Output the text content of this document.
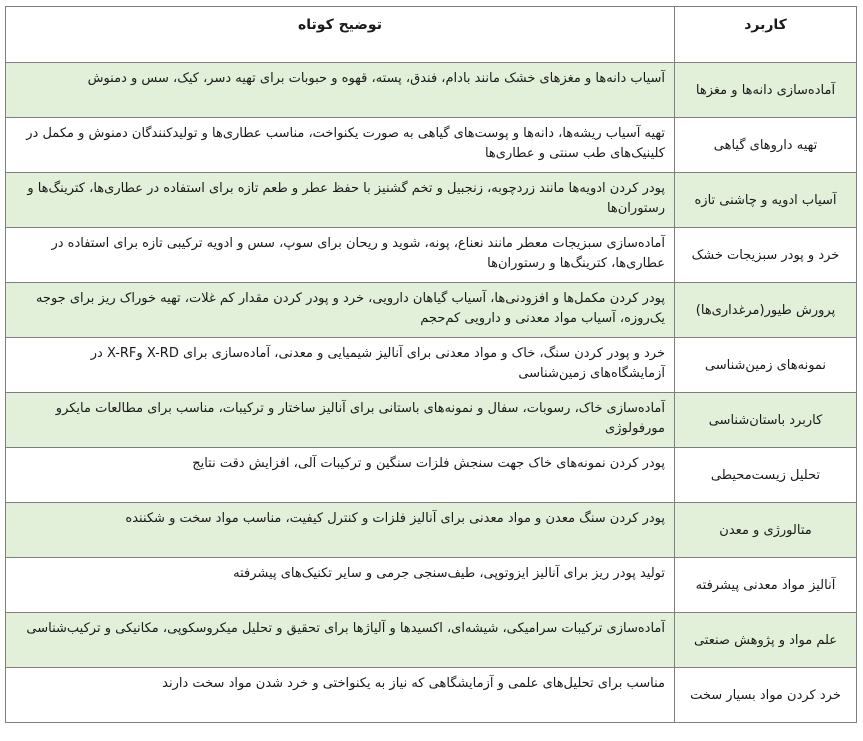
کاربرد	توضیح کوتاه
آماده‌سازی دانه‌ها و مغزها	آسیاب دانه‌ها و مغزهای خشک مانند بادام، فندق، پسته، قهوه و حبوبات برای تهیه دسر، کیک، سس و دمنوش
تهیه داروهای گیاهی	تهیه آسیاب ریشه‌ها، دانه‌ها و پوست‌های گیاهی به صورت یکنواخت، مناسب عطاری‌ها و تولیدکنندگان دمنوش و مکمل در کلینیک‌های طب سنتی و عطاری‌ها
آسیاب ادویه و چاشنی تازه	پودر کردن ادویه‌ها مانند زردچوبه، زنجبیل و تخم گشنیز با حفظ عطر و طعم تازه برای استفاده در عطاری‌ها، کترینگ‌ها و رستوران‌ها
خرد و پودر سبزیجات خشک	آماده‌سازی سبزیجات معطر مانند نعناع، پونه، شوید و ریحان برای سوپ، سس و ادویه ترکیبی تازه برای استفاده در عطاری‌ها، کترینگ‌ها و رستوران‌ها
پرورش طیور(مرغداری‌ها)	پودر کردن مکمل‌ها و افزودنی‌ها، آسیاب گیاهان دارویی، خرد و پودر کردن مقدار کم غلات، تهیه خوراک ریز برای جوجه یک‌روزه، آسیاب مواد معدنی و دارویی کم‌حجم
نمونه‌های زمین‌شناسی	خرد و پودر کردن سنگ، خاک و مواد معدنی برای آنالیز شیمیایی و معدنی، آماده‌سازی برای X-RD وX-RF در آزمایشگاه‌های زمین‌شناسی
کاربرد باستان‌شناسی	آماده‌سازی خاک، رسوبات، سفال و نمونه‌های باستانی برای آنالیز ساختار و ترکیبات، مناسب برای مطالعات مایکرو مورفولوژی
تحلیل زیست‌محیطی	پودر کردن نمونه‌های خاک جهت سنجش فلزات سنگین و ترکیبات آلی، افزایش دقت نتایج
متالورژی و معدن	پودر کردن سنگ معدن و مواد معدنی برای آنالیز فلزات و کنترل کیفیت، مناسب مواد سخت و شکننده
آنالیز مواد معدنی پیشرفته	تولید پودر ریز برای آنالیز ایزوتوپی، طیف‌سنجی جرمی و سایر تکنیک‌های پیشرفته
علم مواد و پژوهش صنعتی	آماده‌سازی ترکیبات سرامیکی، شیشه‌ای، اکسیدها و آلیاژها برای تحقیق و تحلیل میکروسکوپی، مکانیکی و ترکیب‌شناسی
خرد کردن مواد بسیار سخت	مناسب برای تحلیل‌های علمی و آزمایشگاهی که نیاز به یکنواختی و خرد شدن مواد سخت دارند
